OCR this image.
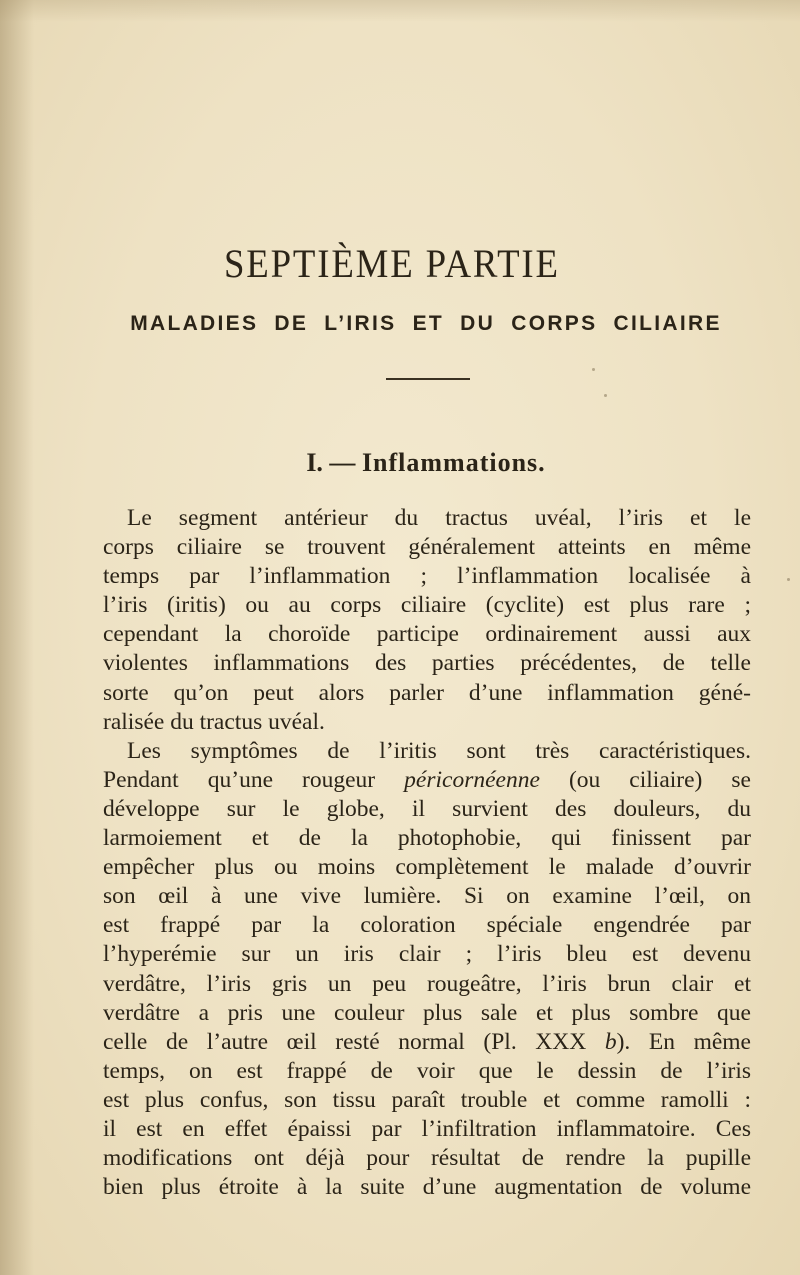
SEPTIÈME PARTIE
MALADIES DE L’IRIS ET DU CORPS CILIAIRE
I. — Inflammations.
Le segment antérieur du tractus uvéal, l’iris et le
corps ciliaire se trouvent généralement atteints en même
temps par l’inflammation ; l’inflammation localisée à
l’iris (iritis) ou au corps ciliaire (cyclite) est plus rare ;
cependant la choroïde participe ordinairement aussi aux
violentes inflammations des parties précédentes, de telle
sorte qu’on peut alors parler d’une inflammation géné-
ralisée du tractus uvéal.
Les symptômes de l’iritis sont très caractéristiques.
Pendant qu’une rougeur péricornéenne (ou ciliaire) se
développe sur le globe, il survient des douleurs, du
larmoiement et de la photophobie, qui finissent par
empêcher plus ou moins complètement le malade d’ouvrir
son œil à une vive lumière. Si on examine l’œil, on
est frappé par la coloration spéciale engendrée par
l’hyperémie sur un iris clair ; l’iris bleu est devenu
verdâtre, l’iris gris un peu rougeâtre, l’iris brun clair et
verdâtre a pris une couleur plus sale et plus sombre que
celle de l’autre œil resté normal (Pl. XXX b). En même
temps, on est frappé de voir que le dessin de l’iris
est plus confus, son tissu paraît trouble et comme ramolli :
il est en effet épaissi par l’infiltration inflammatoire. Ces
modifications ont déjà pour résultat de rendre la pupille
bien plus étroite à la suite d’une augmentation de volume
